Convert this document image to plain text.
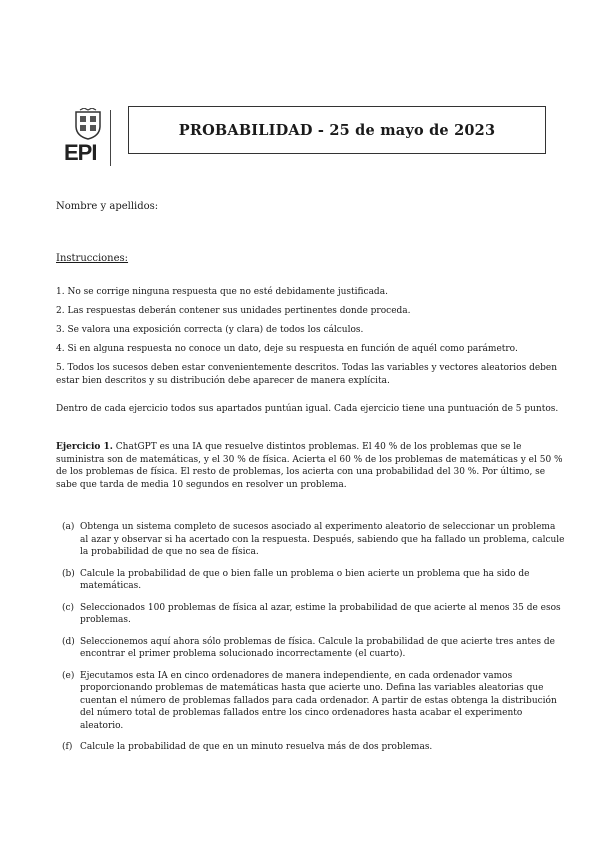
EPI
PROBABILIDAD - 25 de mayo de 2023
Nombre y apellidos:
Instrucciones:
1. No se corrige ninguna respuesta que no esté debidamente justificada.
2. Las respuestas deberán contener sus unidades pertinentes donde proceda.
3. Se valora una exposición correcta (y clara) de todos los cálculos.
4. Si en alguna respuesta no conoce un dato, deje su respuesta en función de aquél como parámetro.
5. Todos los sucesos deben estar convenientemente descritos. Todas las variables y vectores aleatorios deben estar bien descritos y su distribución debe aparecer de manera explícita.

Dentro de cada ejercicio todos sus apartados puntúan igual. Cada ejercicio tiene una puntuación de 5 puntos.

Ejercicio 1. ChatGPT es una IA que resuelve distintos problemas. El 40 % de los problemas que se le suministra son de matemáticas, y el 30 % de física. Acierta el 60 % de los problemas de matemáticas y el 50 % de los problemas de física. El resto de problemas, los acierta con una probabilidad del 30 %. Por último, se sabe que tarda de media 10 segundos en resolver un problema.

(a) Obtenga un sistema completo de sucesos asociado al experimento aleatorio de seleccionar un problema al azar y observar si ha acertado con la respuesta. Después, sabiendo que ha fallado un problema, calcule la probabilidad de que no sea de física.
(b) Calcule la probabilidad de que o bien falle un problema o bien acierte un problema que ha sido de matemáticas.
(c) Seleccionados 100 problemas de física al azar, estime la probabilidad de que acierte al menos 35 de esos problemas.
(d) Seleccionemos aquí ahora sólo problemas de física. Calcule la probabilidad de que acierte tres antes de encontrar el primer problema solucionado incorrectamente (el cuarto).
(e) Ejecutamos esta IA en cinco ordenadores de manera independiente, en cada ordenador vamos proporcionando problemas de matemáticas hasta que acierte uno. Defina las variables aleatorias que cuentan el número de problemas fallados para cada ordenador. A partir de estas obtenga la distribución del número total de problemas fallados entre los cinco ordenadores hasta acabar el experimento aleatorio.
(f) Calcule la probabilidad de que en un minuto resuelva más de dos problemas.
